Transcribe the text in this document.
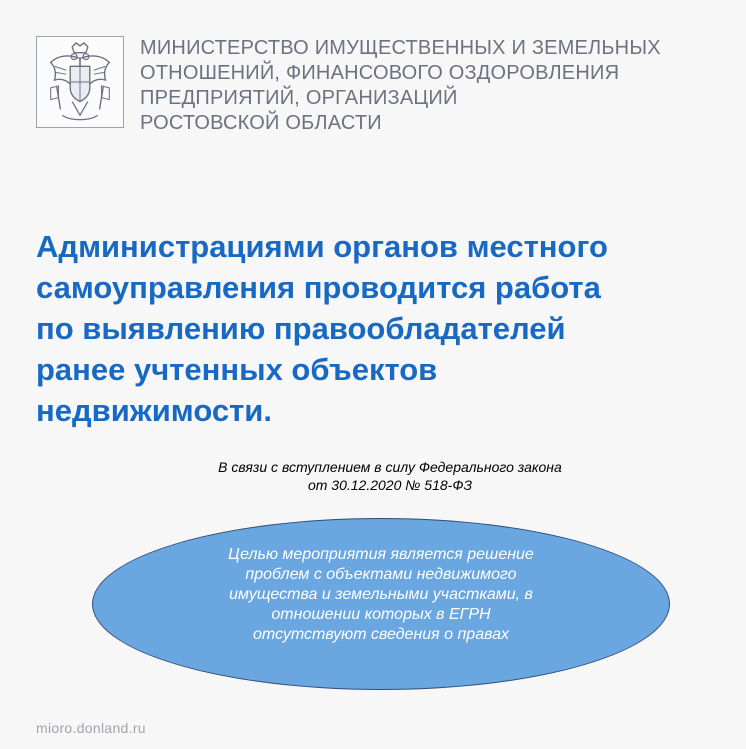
МИНИСТЕРСТВО ИМУЩЕСТВЕННЫХ И ЗЕМЕЛЬНЫХ
ОТНОШЕНИЙ, ФИНАНСОВОГО ОЗДОРОВЛЕНИЯ
ПРЕДПРИЯТИЙ, ОРГАНИЗАЦИЙ
РОСТОВСКОЙ ОБЛАСТИ
Администрациями органов местного
самоуправления проводится работа
по выявлению правообладателей
ранее учтенных объектов
недвижимости.
В связи с вступлением в силу Федерального закона
от 30.12.2020 № 518-ФЗ
Целью мероприятия является решение
проблем с объектами недвижимого
имущества и земельными участками, в
отношении которых в ЕГРН
отсутствуют сведения о правах
mioro.donland.ru
